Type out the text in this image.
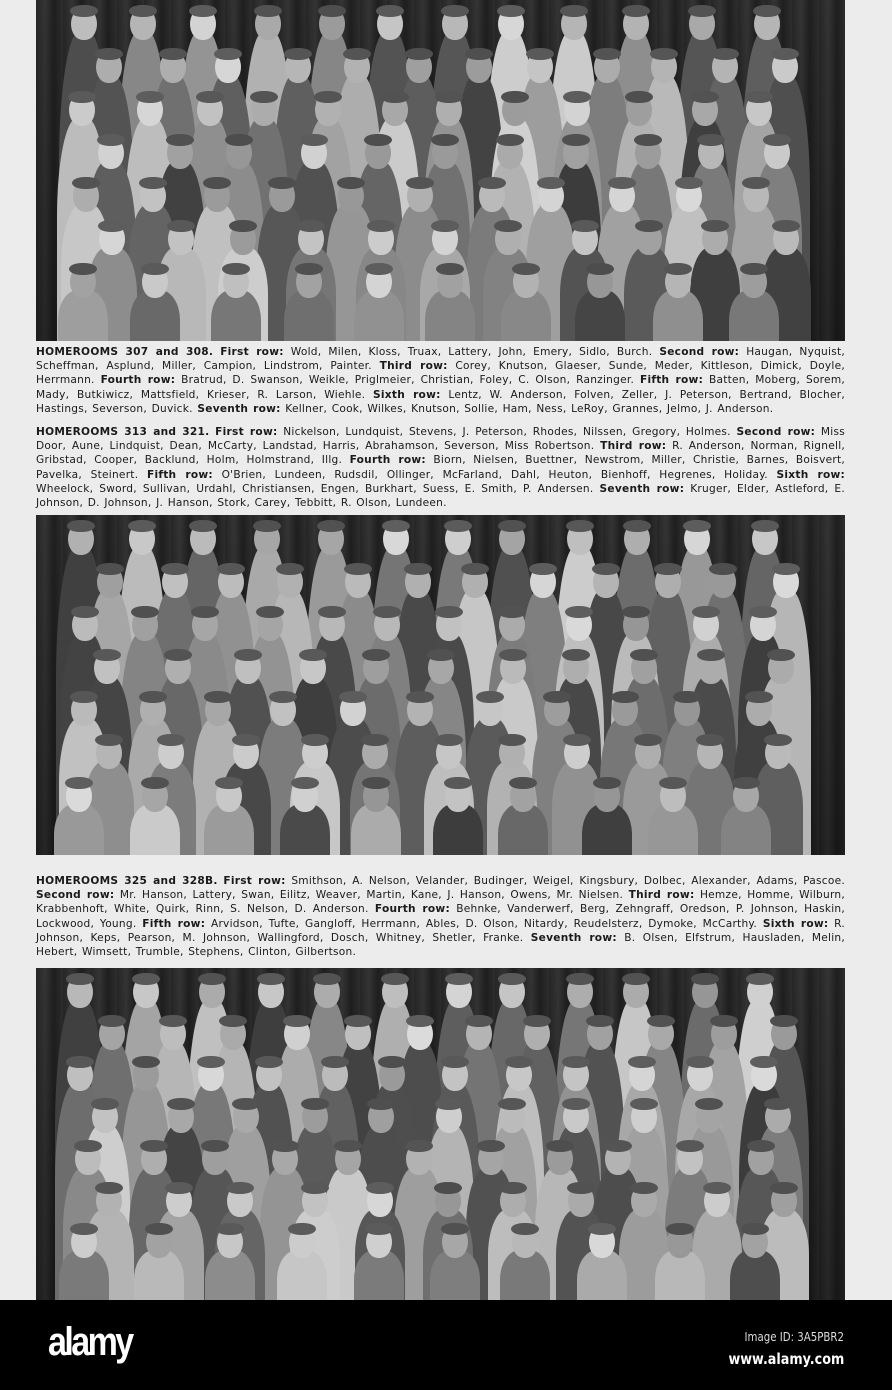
HOMEROOMS 307 and 308. First row: Wold, Milen, Kloss, Truax, Lattery, John, Emery, Sidlo, Burch. Second row: Haugan, Nyquist, Scheffman, Asplund, Miller, Campion, Lindstrom, Painter. Third row: Corey, Knutson, Glaeser, Sunde, Meder, Kittleson, Dimick, Doyle, Herrmann. Fourth row: Bratrud, D. Swanson, Weikle, Priglmeier, Christian, Foley, C. Olson, Ranzinger. Fifth row: Batten, Moberg, Sorem, Mady, Butkiwicz, Mattsfield, Krieser, R. Larson, Wiehle. Sixth row: Lentz, W. Anderson, Folven, Zeller, J. Peterson, Bertrand, Blocher, Hastings, Severson, Duvick. Seventh row: Kellner, Cook, Wilkes, Knutson, Sollie, Ham, Ness, LeRoy, Grannes, Jelmo, J. Anderson.
HOMEROOMS 313 and 321. First row: Nickelson, Lundquist, Stevens, J. Peterson, Rhodes, Nilssen, Gregory, Holmes. Second row: Miss Door, Aune, Lindquist, Dean, McCarty, Landstad, Harris, Abrahamson, Severson, Miss Robertson. Third row: R. Anderson, Norman, Rignell, Gribstad, Cooper, Backlund, Holm, Holmstrand, Illg. Fourth row: Biorn, Nielsen, Buettner, Newstrom, Miller, Christie, Barnes, Boisvert, Pavelka, Steinert. Fifth row: O'Brien, Lundeen, Rudsdil, Ollinger, McFarland, Dahl, Heuton, Bienhoff, Hegrenes, Holiday. Sixth row: Wheelock, Sword, Sullivan, Urdahl, Christiansen, Engen, Burkhart, Suess, E. Smith, P. Andersen. Seventh row: Kruger, Elder, Astleford, E. Johnson, D. Johnson, J. Hanson, Stork, Carey, Tebbitt, R. Olson, Lundeen.
HOMEROOMS 325 and 328B. First row: Smithson, A. Nelson, Velander, Budinger, Weigel, Kingsbury, Dolbec, Alexander, Adams, Pascoe. Second row: Mr. Hanson, Lattery, Swan, Eilitz, Weaver, Martin, Kane, J. Hanson, Owens, Mr. Nielsen. Third row: Hemze, Homme, Wilburn, Krabbenhoft, White, Quirk, Rinn, S. Nelson, D. Anderson. Fourth row: Behnke, Vanderwerf, Berg, Zehngraff, Oredson, P. Johnson, Haskin, Lockwood, Young. Fifth row: Arvidson, Tufte, Gangloff, Herrmann, Ables, D. Olson, Nitardy, Reudelsterz, Dymoke, McCarthy. Sixth row: R. Johnson, Keps, Pearson, M. Johnson, Wallingford, Dosch, Whitney, Shetler, Franke. Seventh row: B. Olsen, Elfstrum, Hausladen, Melin, Hebert, Wimsett, Trumble, Stephens, Clinton, Gilbertson.
alamy	Image ID: 3A5PBR2
www.alamy.com
